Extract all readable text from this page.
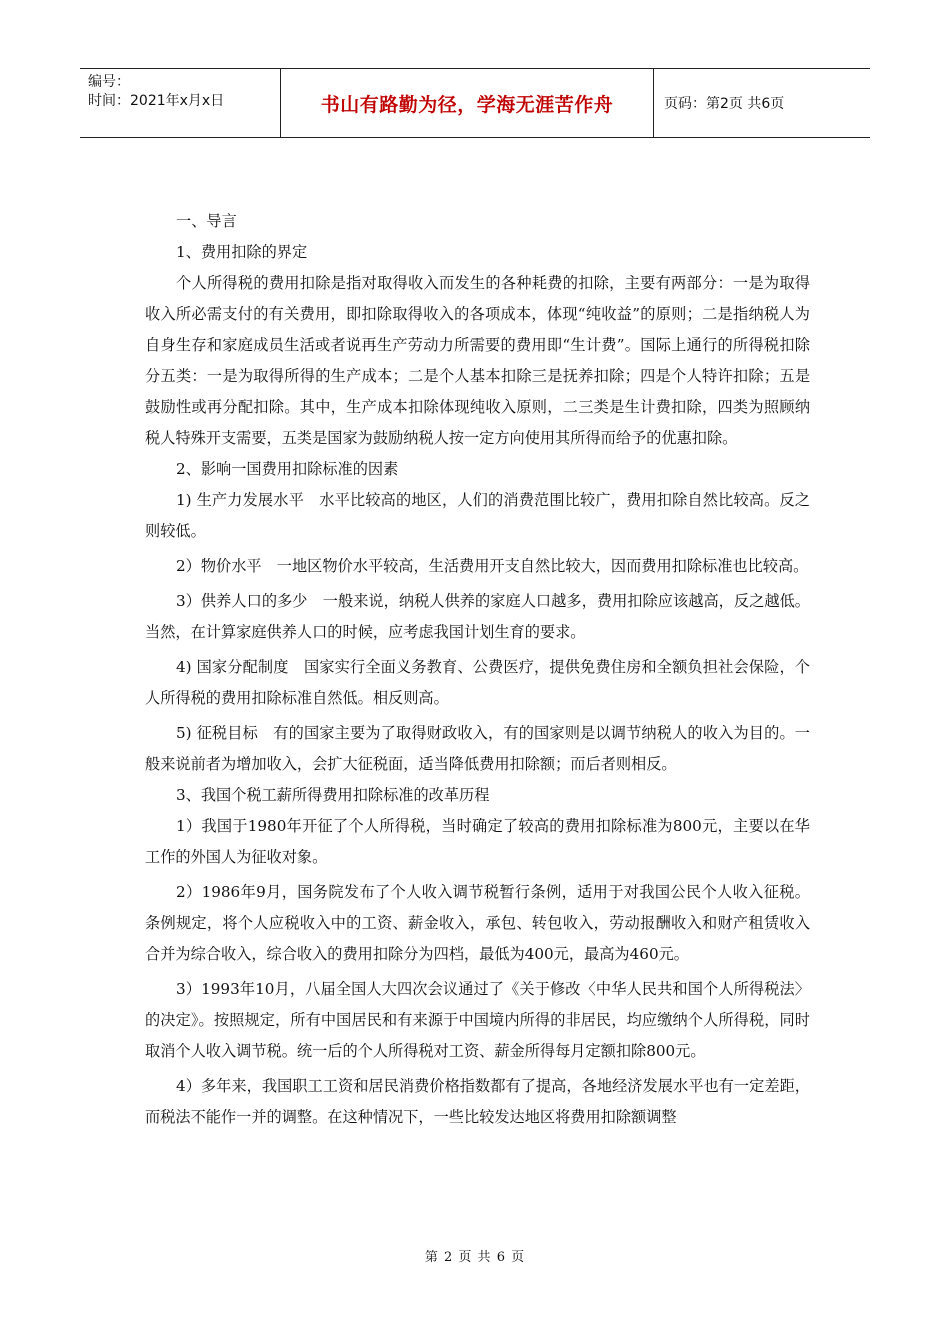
编号：
时间：2021年x月x日	书山有路勤为径，学海无涯苦作舟	页码：第2页 共6页

一、导言

1、费用扣除的界定

个人所得税的费用扣除是指对取得收入而发生的各种耗费的扣除，主要有两部分：一是为取得收入所必需支付的有关费用，即扣除取得收入的各项成本，体现“纯收益”的原则；二是指纳税人为自身生存和家庭成员生活或者说再生产劳动力所需要的费用即“生计费”。国际上通行的所得税扣除分五类：一是为取得所得的生产成本；二是个人基本扣除三是抚养扣除；四是个人特许扣除；五是鼓励性或再分配扣除。其中，生产成本扣除体现纯收入原则，二三类是生计费扣除，四类为照顾纳税人特殊开支需要，五类是国家为鼓励纳税人按一定方向使用其所得而给予的优惠扣除。

2、影响一国费用扣除标准的因素

1) 生产力发展水平　水平比较高的地区，人们的消费范围比较广，费用扣除自然比较高。反之则较低。

2）物价水平　一地区物价水平较高，生活费用开支自然比较大，因而费用扣除标准也比较高。

3）供养人口的多少　一般来说，纳税人供养的家庭人口越多，费用扣除应该越高，反之越低。当然，在计算家庭供养人口的时候，应考虑我国计划生育的要求。

4) 国家分配制度　国家实行全面义务教育、公费医疗，提供免费住房和全额负担社会保险，个人所得税的费用扣除标准自然低。相反则高。

5) 征税目标　有的国家主要为了取得财政收入，有的国家则是以调节纳税人的收入为目的。一般来说前者为增加收入，会扩大征税面，适当降低费用扣除额；而后者则相反。

3、我国个税工薪所得费用扣除标准的改革历程

1）我国于1980年开征了个人所得税，当时确定了较高的费用扣除标准为800元，主要以在华工作的外国人为征收对象。

2）1986年9月，国务院发布了个人收入调节税暂行条例，适用于对我国公民个人收入征税。条例规定，将个人应税收入中的工资、薪金收入，承包、转包收入，劳动报酬收入和财产租赁收入合并为综合收入，综合收入的费用扣除分为四档，最低为400元，最高为460元。

3）1993年10月，八届全国人大四次会议通过了《关于修改〈中华人民共和国个人所得税法〉的决定》。按照规定，所有中国居民和有来源于中国境内所得的非居民，均应缴纳个人所得税，同时取消个人收入调节税。统一后的个人所得税对工资、薪金所得每月定额扣除800元。

4）多年来，我国职工工资和居民消费价格指数都有了提高，各地经济发展水平也有一定差距，而税法不能作一并的调整。在这种情况下，一些比较发达地区将费用扣除额调整

第 2 页 共 6 页
